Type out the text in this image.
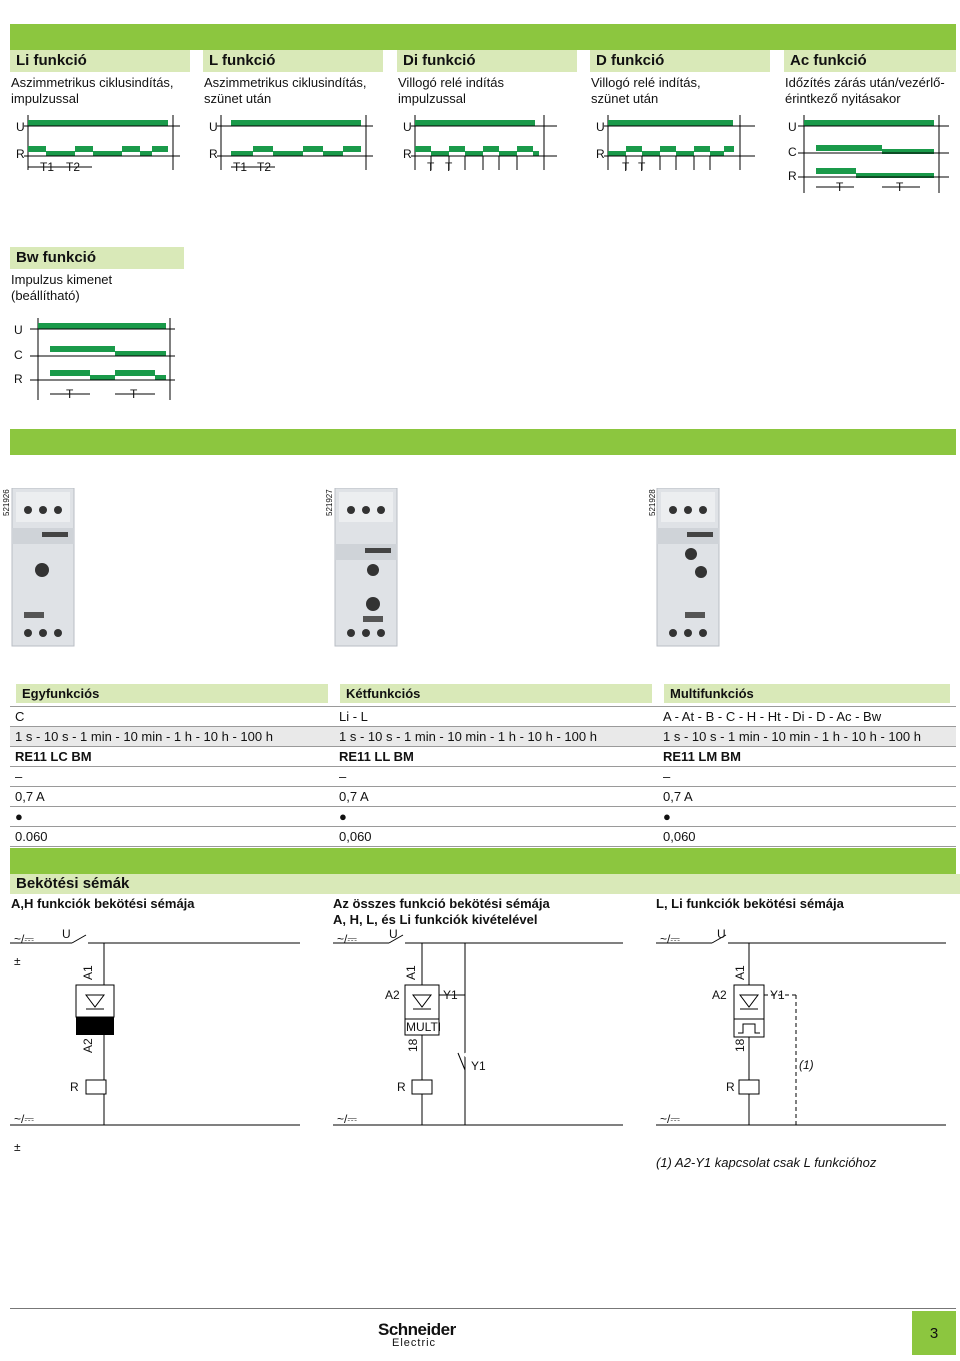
Li funkció
Aszimmetrikus ciklusindítás,
impulzussal
L funkció
Aszimmetrikus ciklusindítás,
szünet után
Di funkció
Villogó relé indítás
impulzussal
D funkció
Villogó relé indítás,
szünet után
Ac funkció
Időzítés zárás után/vezérlő-
érintkező nyitásakor
U
R
T1 T2
U
R
T1 T2
U
R
T T
U
R
T T
U
C
R
T	T
Bw funkció
Impulzus kimenet (beállítható)
U
C
R
T	T
521926	521927	521928
Egyfunkciós	Kétfunkciós	Multifunkciós

C	Li - L	A - At - B - C - H - Ht - Di - D - Ac - Bw
1 s - 10 s - 1 min - 10 min - 1 h - 10 h - 100 h	1 s - 10 s - 1 min - 10 min - 1 h - 10 h - 100 h	1 s - 10 s - 1 min - 10 min - 1 h - 10 h - 100 h
RE11 LC BM	RE11 LL BM	RE11 LM BM
–	–	–
0,7 A	0,7 A	0,7 A
●	●	●
0.060	0,060	0,060
Bekötési sémák
A,H funkciók bekötési sémája	Az összes funkció bekötési sémája
A, H, L, és Li funkciók kivételével
L, Li funkciók bekötési sémája
~/⎓ U
±
A1
A2
R
~/⎓
±
~/⎓	U
A1
A2	Y1
MULTI
18
Y1
R
~/⎓
~/⎓	U
A1
A2	Y1
18
(1)
R
~/⎓
(1) A2-Y1 kapcsolat csak L funkcióhoz
Schneider
Electric
3
